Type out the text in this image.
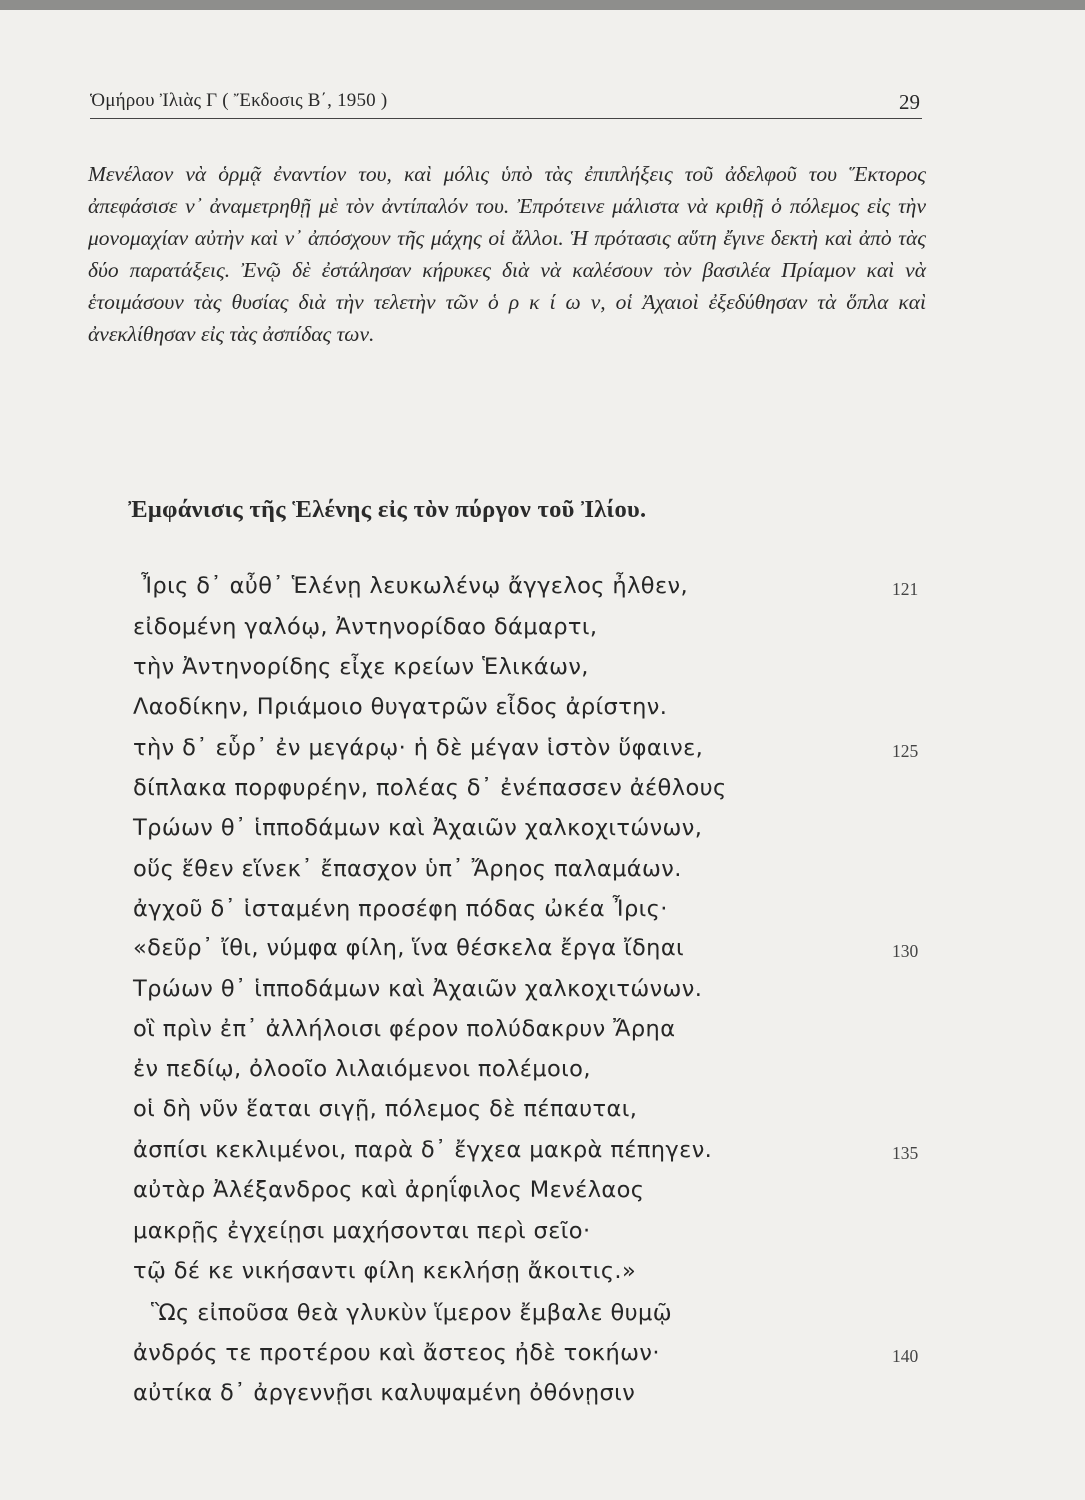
Ὁμήρου Ἰλιὰς Γ ( Ἔκδοσις Β΄, 1950 )	29
Μενέλαον νὰ ὁρμᾷ ἐναντίον του, καὶ μόλις ὑπὸ τὰς ἐπιπλήξεις τοῦ ἀδελφοῦ του Ἕκτορος ἀπεφάσισε ν᾽ ἀναμετρηθῇ μὲ τὸν ἀντίπαλόν του. Ἐπρότεινε μάλιστα νὰ κριθῇ ὁ πόλεμος εἰς τὴν μονομαχίαν αὐτὴν καὶ ν᾽ ἀπόσχουν τῆς μάχης οἱ ἄλλοι. Ἡ πρότασις αὕτη ἔγινε δεκτὴ καὶ ἀπὸ τὰς δύο παρατάξεις. Ἐνῷ δὲ ἐστάλησαν κήρυκες διὰ νὰ καλέσουν τὸν βασιλέα Πρίαμον καὶ νὰ ἑτοιμάσουν τὰς θυσίας διὰ τὴν τελετὴν τῶν ὁ ρ κ ί ω ν, οἱ Ἀχαιοὶ ἐξεδύθησαν τὰ ὅπλα καὶ ἀνεκλίθησαν εἰς τὰς ἀσπίδας των.
Ἐμφάνισις τῆς Ἑλένης εἰς τὸν πύργον τοῦ Ἰλίου.
Ἶρις δ᾽ αὖθ᾽ Ἑλένῃ λευκωλένῳ ἄγγελος ἦλθεν,	121
εἰδομένη γαλόῳ, Ἀντηνορίδαο δάμαρτι,
τὴν Ἀντηνορίδης εἶχε κρείων Ἑλικάων,
Λαοδίκην, Πριάμοιο θυγατρῶν εἶδος ἀρίστην.
τὴν δ᾽ εὗρ᾽ ἐν μεγάρῳ· ἡ δὲ μέγαν ἱστὸν ὕφαινε,	125
δίπλακα πορφυρέην, πολέας δ᾽ ἐνέπασσεν ἀέθλους
Τρώων θ᾽ ἱπποδάμων καὶ Ἀχαιῶν χαλκοχιτώνων,
οὕς ἕθεν εἵνεκ᾽ ἔπασχον ὑπ᾽ Ἄρηος παλαμάων.
ἀγχοῦ δ᾽ ἱσταμένη προσέφη πόδας ὠκέα Ἶρις·
«δεῦρ᾽ ἴθι, νύμφα φίλη, ἵνα θέσκελα ἔργα ἴδηαι	130
Τρώων θ᾽ ἱπποδάμων καὶ Ἀχαιῶν χαλκοχιτώνων.
οἳ πρὶν ἐπ᾽ ἀλλήλοισι φέρον πολύδακρυν Ἄρηα
ἐν πεδίῳ, ὀλοοῖο λιλαιόμενοι πολέμοιο,
οἱ δὴ νῦν ἕαται σιγῇ, πόλεμος δὲ πέπαυται,
ἀσπίσι κεκλιμένοι, παρὰ δ᾽ ἔγχεα μακρὰ πέπηγεν.	135
αὐτὰρ Ἀλέξανδρος καὶ ἀρηΐφιλος Μενέλαος
μακρῇς ἐγχείῃσι μαχήσονται περὶ σεῖο·
τῷ δέ κε νικήσαντι φίλη κεκλήσῃ ἄκοιτις.»
Ὣς εἰποῦσα θεὰ γλυκὺν ἵμερον ἔμβαλε θυμῷ
ἀνδρός τε προτέρου καὶ ἄστεος ἠδὲ τοκήων·	140
αὐτίκα δ᾽ ἀργεννῇσι καλυψαμένη ὀθόνῃσιν
